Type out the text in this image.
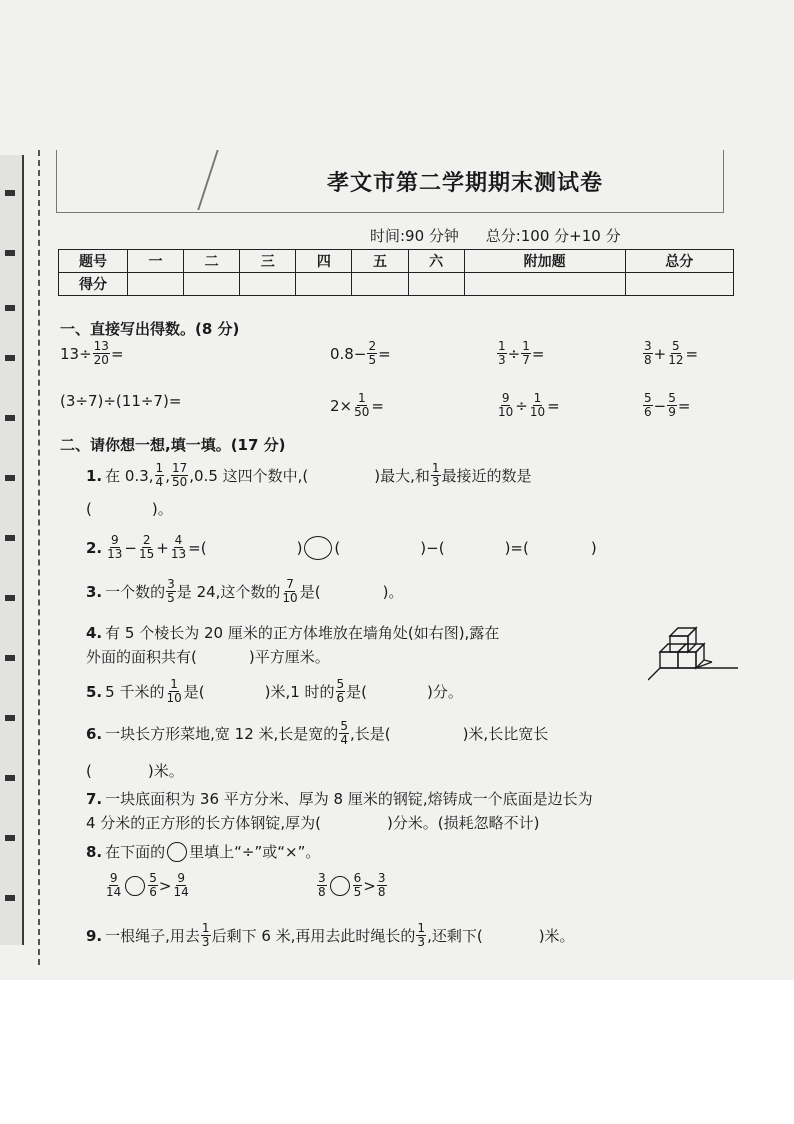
孝文市第二学期期末测试卷
时间:90 分钟 总分:100 分+10 分
题号	一	二	三	四	五	六	附加题	总分
得分								
一、直接写出得数。(8 分)
$13\div \frac{13}{20}$ =	$0.8- \frac{2}{5}$ =	$\frac{1}{3} \div \frac{1}{7}$ =	$\frac{3}{8} + \frac{5}{12}$ =
(3÷7)÷(11÷7)=	$2\times \frac{1}{50}$ =	$\frac{9}{10} \div \frac{1}{10}$ =	$\frac{5}{6} - \frac{5}{9}$ =
二、请你想一想,填一填。(17 分)
1. 在 0.3, $\frac{1}{4}$ , $\frac{17}{50} ,0.5$ 这四个数中,(	)最大,和 $\frac{1}{3}$ 最接近的数是
(	)。
2. $\frac{9}{13} - \frac{2}{15} + \frac{4}{13}$ =(	) (	)−(	)=(	)
3. 一个数的 $\frac{3}{5}$ 是 24,这个数的 $\frac{7}{10}$ 是(	)。
4. 有 5 个棱长为 20 厘米的正方体堆放在墙角处(如右图),露在
外面的面积共有(	)平方厘米。
5. 5 千米的 $\frac{1}{10}$ 是(	)米,1 时的 $\frac{5}{6}$ 是(	)分。
6. 一块长方形菜地,宽 12 米,长是宽的 $\frac{5}{4}$ ,长是(	)米,长比宽长
(	)米。
7. 一块底面积为 36 平方分米、厚为 8 厘米的钢锭,熔铸成一个底面是边长为
4 分米的正方形的长方体钢锭,厚为(	)分米。(损耗忽略不计)
8. 在下面的 里填上“÷”或“×”。
$\frac{9}{14} \frac{5}{6} > \frac{9}{14}$	$\frac{3}{8} \frac{6}{5} > \frac{3}{8}$
9. 一根绳子,用去 $\frac{1}{3}$ 后剩下 6 米,再用去此时绳长的 $\frac{1}{3}$ ,还剩下(	)米。
